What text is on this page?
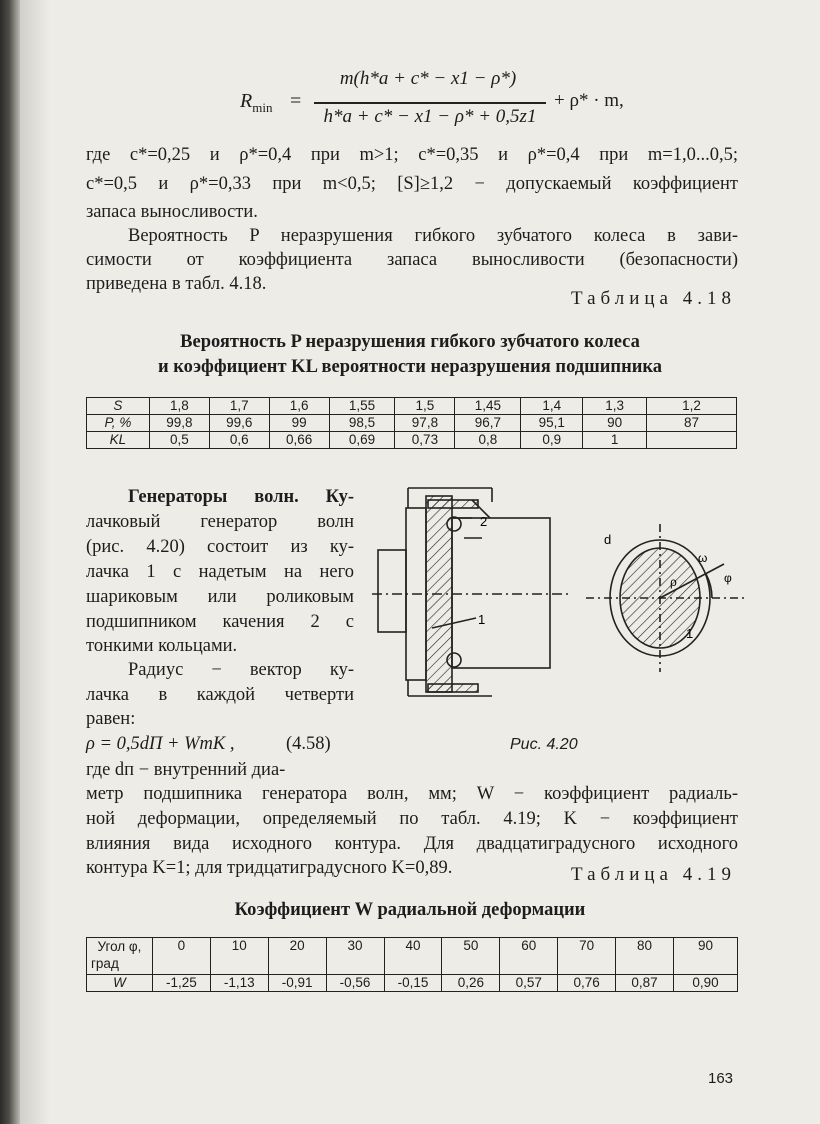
$R_{min}$ =
m(h*a + c* − x1 − ρ*)
h*a + c* − x1 − ρ* + 0,5z1
+ ρ* · m,
где c*=0,25 и ρ*=0,4 при m>1; c*=0,35 и ρ*=0,4 при m=1,0...0,5;
c*=0,5 и ρ*=0,33 при m<0,5; [S]≥1,2 − допускаемый коэффициент
запаса выносливости.
Вероятность P неразрушения гибкого зубчатого колеса в зави-
симости от коэффициента запаса выносливости (безопасности)
приведена в табл. 4.18.
Таблица 4.18
Вероятность P неразрушения гибкого зубчатого колеса
и коэффициент KL вероятности неразрушения подшипника
S	1,8	1,7	1,6	1,55	1,5	1,45	1,4	1,3	1,2
P, %	99,8	99,6	99	98,5	97,8	96,7	95,1	90	87
KL	0,5	0,6	0,66	0,69	0,73	0,8	0,9	1	
Генераторы волн. Ку-
лачковый генератор волн
(рис. 4.20) состоит из ку-
лачка 1 с надетым на него
шариковым или роликовым
подшипником качения 2 с
тонкими кольцами.
Радиус − вектор ку-
лачка в каждой четверти
равен:
ρ = 0,5dП + WmK ,	(4.58)
где dп − внутренний диа-
метр подшипника генератора волн, мм; W − коэффициент радиаль-
ной деформации, определяемый по табл. 4.19; K − коэффициент
влияния вида исходного контура. Для двадцатиградусного исходного
контура K=1; для тридцатиградусного K=0,89.
2
1
d
ω
ρ	φ
1
Рис. 4.20
Таблица 4.19
Коэффициент W радиальной деформации
Угол φ,
град	0	10	20	30	40	50	60	70	80	90
W	-1,25	-1,13	-0,91	-0,56	-0,15	0,26	0,57	0,76	0,87	0,90
163
